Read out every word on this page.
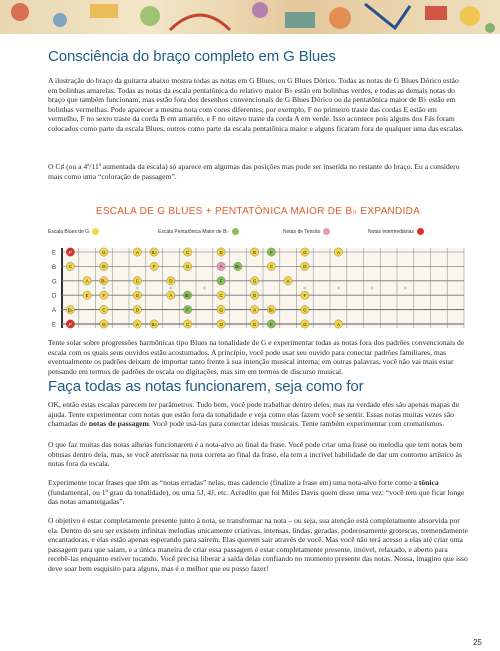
Consciência do braço completo em G Blues

A ilustração do braço da guitarra abaixo mostra todas as notas em G Blues, ou G Blues Dórico. Todas as notas de G Blues Dórico estão em bolinhas amarelas. Todas as notas da escala pentatônica do relativo maior B♭ estão em bolinhas verdes, e todas as demais notas do braço que também funcionam, mas estão fora dos desenhos convencionais de G Blues Dórico ou da pentatônica maior de B♭ estão em bolinhas vermelhas. Pode aparecer a mesma nota com cores diferentes; por exemplo, F no primeiro traste das cordas E estão em vermelho, F no sexto traste da corda B em amarelo, e F no oitavo traste da corda A em verde. Isso acontece pois alguns dos Fás foram colocados como parte da escala Blues, outros como parte da escala pentatônica maior e alguns ficaram fora de qualquer uma das escalas.

O C♯ (ou a 4ª/11ª aumentada da escala) só aparece em algumas das posições mas pode ser inserida no restante do braço. Eu a considero mais como uma “coloração de passagem”.

ESCALA DE G BLUES + PENTATÔNICA MAIOR DE B♭ EXPANDIDA
Escala Blues de G	Escala Pentatônica Maior de B♭	Notas de Tensão	Notas intermediárias
E
B
G
D
A
E
F	G	A	B♭	C	D	E	F	G	A
C	D	F	G	A	B♭	C	D
A	B♭	C	D	F	G	A
E	F	G	A	B♭	C	D	F
B♭	C	D	F	G	A	B♭	C
F	G	A	B♭	C	D	E	F	G	A

Tente solar sobre progressões harmônicas tipo Blues na tonalidade de G e experimentar todas as notas fora dos padrões convencionais de escala com os quais seus ouvidos estão acostumados. A princípio, você pode usar seu ouvido para conectar padrões familiares, mas eventualmente os padrões deixam de importar tanto frente à sua intenção musical interna; em outras palavras, você não vai mais estar pensando em termos de padrões de escala ou digitações, mas sim em termos de discurso musical.

Faça todas as notas funcionarem, seja como for

OK, então estas escalas parecem ter parâmetros. Tudo bem, você pode trabalhar dentro deles, mas na verdade eles são apenas mapas de ajuda. Tente experimentar com notas que estão fora da tonalidade e veja como elas fazem você se sentir. Essas notas muitas vezes são chamadas de notas de passagem. Você pode usá-las para conectar ideias musicais. Tente também experimentar com cromatismos.

O que faz muitas das notas alheias funcionarem é a nota-alvo ao final da frase. Você pode criar uma frase ou melodia que tem notas bem obtusas dentro dela, mas, se você aterrissar na nota correta ao final da frase, ela tem a incrível habilidade de dar um contorno artístico às notas fora da escala.

Experimente tocar frases que têm as “notas erradas” nelas, mas cadencie (finalize a frase em) uma nota-alvo forte como a tônica (fundamental, ou 1º grau da tonalidade), ou uma 5J, 4J, etc. Acredito que foi Miles Davis quem disse uma vez: “você tem que ficar longe das notas amanteigadas”.

O objetivo é estar completamente presente junto à nota, se transformar na nota – ou seja, sua atenção está completamente absorvida por ela. Dentro do seu ser existem infinitas melodias unicamente criativas, intensas, lindas, geradas, poderosamente grotescas, tremendamente encantadoras, e elas estão apenas esperando para saírem. Elas querem sair através de você. Mas você não terá acesso a elas até criar uma passagem para que saiam, e a única maneira de criar essa passagem é estar completamente presente, imóvel, relaxado, e aberto para recebê-las enquanto estiver tocando. Você precisa liberar a saída delas confiando no momento presente das notas. Nossa, imagino que isso deve soar bem esquisito para alguns, mas é o melhor que eu posso fazer!

25
